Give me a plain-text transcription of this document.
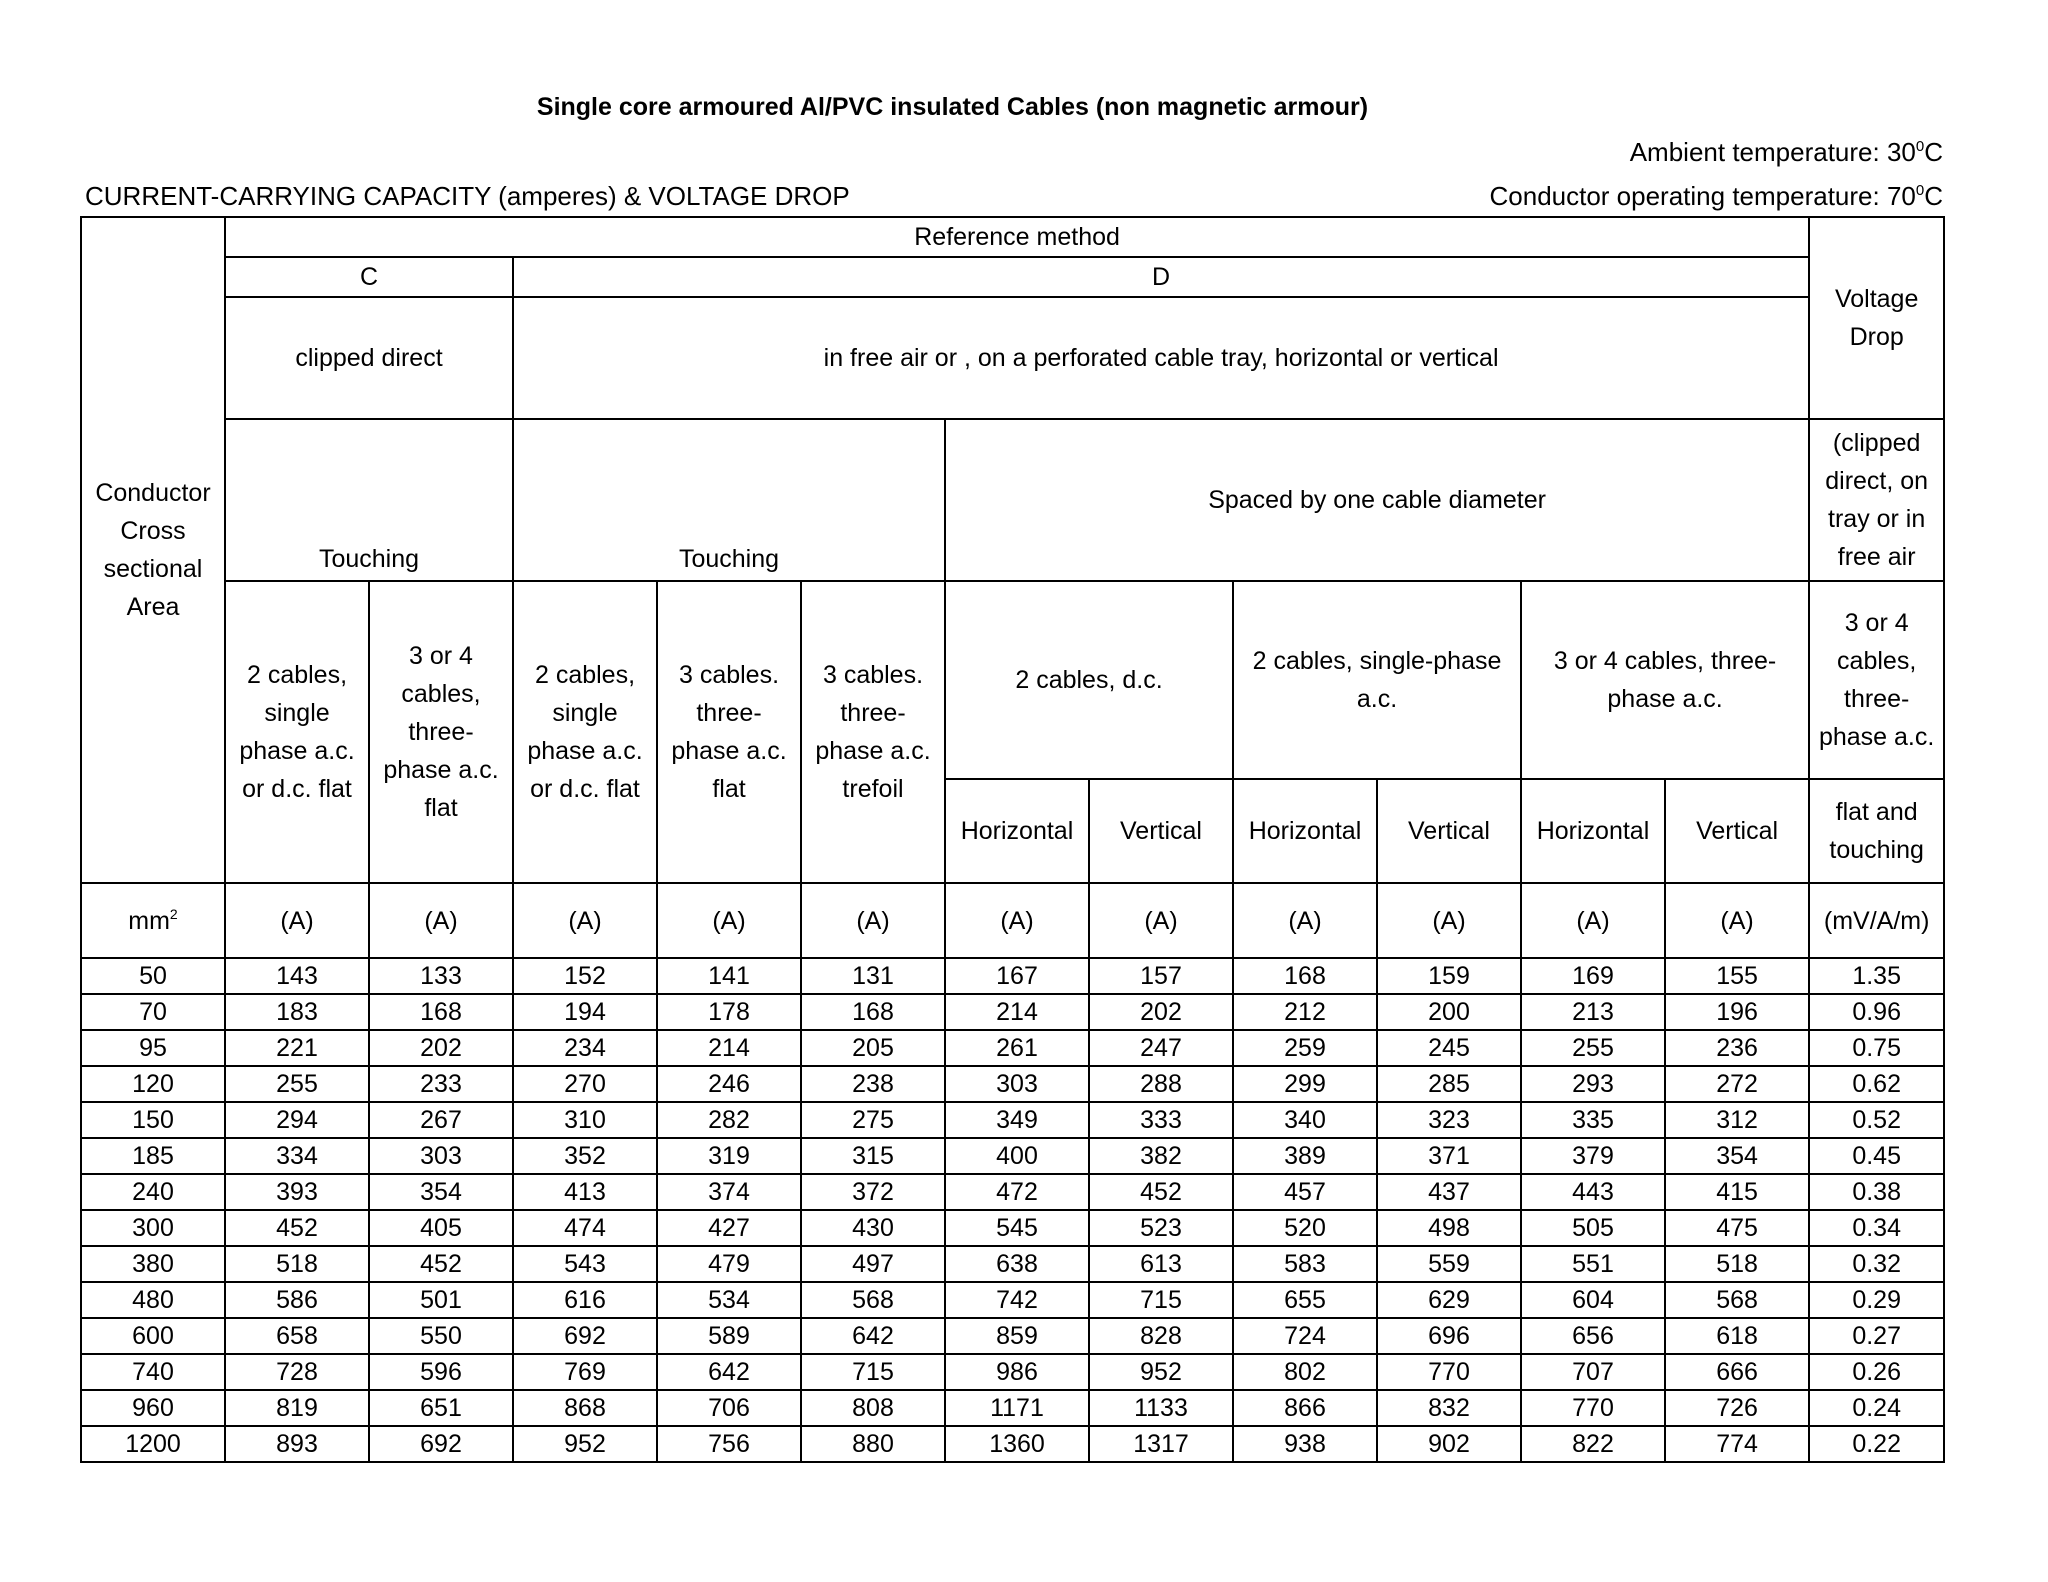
Single core armoured Al/PVC insulated Cables (non magnetic armour)
Ambient temperature: $30^0C$
CURRENT-CARRYING CAPACITY (amperes) & VOLTAGE DROP	Conductor operating temperature: $70^0C$
Conductor
Cross
sectional
Area	Reference method											Voltage
Drop
	C		D									
	clipped direct		in free air or , on a perforated cable tray, horizontal or vertical									
	Touching		Touching			Spaced by one cable diameter						(clipped
direct, on
tray or in
free air
	2 cables,
single
phase a.c.
or d.c. flat	3 or 4
cables,
three-
phase a.c.
flat	2 cables,
single
phase a.c.
or d.c. flat	3 cables.
three-
phase a.c.
flat	3 cables.
three-
phase a.c.
trefoil	2 cables, d.c.		2 cables, single-phase
a.c.		3 or 4 cables, three-
phase a.c.		3 or 4
cables,
three-
phase a.c.
						Horizontal	Vertical	Horizontal	Vertical	Horizontal	Vertical	flat and
touching
$mm^2$	(A)	(A)	(A)	(A)	(A)	(A)	(A)	(A)	(A)	(A)	(A)	(mV/A/m)
50	143	133	152	141	131	167	157	168	159	169	155	1.35
70	183	168	194	178	168	214	202	212	200	213	196	0.96
95	221	202	234	214	205	261	247	259	245	255	236	0.75
120	255	233	270	246	238	303	288	299	285	293	272	0.62
150	294	267	310	282	275	349	333	340	323	335	312	0.52
185	334	303	352	319	315	400	382	389	371	379	354	0.45
240	393	354	413	374	372	472	452	457	437	443	415	0.38
300	452	405	474	427	430	545	523	520	498	505	475	0.34
380	518	452	543	479	497	638	613	583	559	551	518	0.32
480	586	501	616	534	568	742	715	655	629	604	568	0.29
600	658	550	692	589	642	859	828	724	696	656	618	0.27
740	728	596	769	642	715	986	952	802	770	707	666	0.26
960	819	651	868	706	808	1171	1133	866	832	770	726	0.24
1200	893	692	952	756	880	1360	1317	938	902	822	774	0.22
